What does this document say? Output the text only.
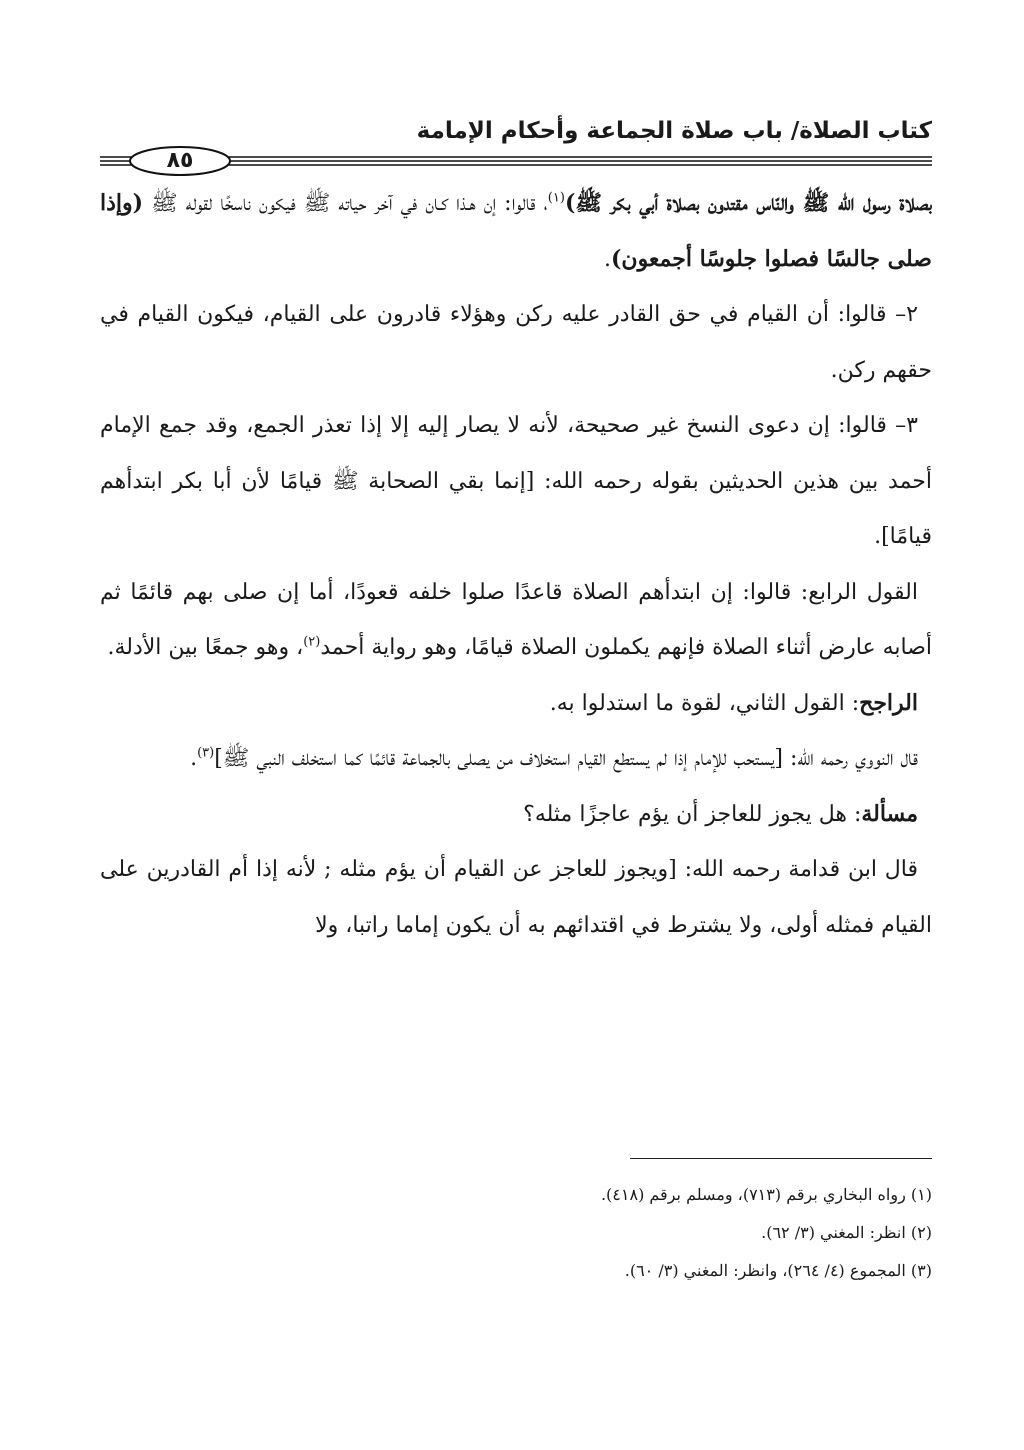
كتاب الصلاة/ باب صلاة الجماعة وأحكام الإمامة
٨٥

بصلاة رسول الله ﷺ والنّاس مقتدون بصلاة أبي بكر ﷺ)$^{(١)}$، قالوا: إن هـذا كـان في آخر حياته ﷺ فيكون ناسخًا لقوله ﷺ (وإذا صلى جالسًا فصلوا جلوسًا أجمعون).

٢– قالوا: أن القيام في حق القادر عليه ركن وهؤلاء قادرون على القيام، فيكون القيام في حقهم ركن.

٣– قالوا: إن دعوى النسخ غير صحيحة، لأنه لا يصار إليه إلا إذا تعذر الجمع، وقد جمع الإمام أحمد بين هذين الحديثين بقوله رحمه الله: [إنما بقي الصحابة ﷺ قيامًا لأن أبا بكر ابتدأهم قيامًا].

القول الرابع: قالوا: إن ابتدأهم الصلاة قاعدًا صلوا خلفه قعودًا، أما إن صلى بهم قائمًا ثم أصابه عارض أثناء الصلاة فإنهم يكملون الصلاة قيامًا، وهو رواية أحمد$^{(٢)}$، وهو جمعًا بين الأدلة.

الراجح: القول الثاني، لقوة ما استدلوا به.

قال النووي رحمه الله: [يستحب للإمام إذا لم يستطع القيام استخلاف من يصلى بالجماعة قائمًا كما استخلف النبي ﷺ]$^{(٣)}$.

مسألة: هل يجوز للعاجز أن يؤم عاجزًا مثله؟

قال ابن قدامة رحمه الله: [ويجوز للعاجز عن القيام أن يؤم مثله ; لأنه إذا أم القادرين على القيام فمثله أولى، ولا يشترط في اقتدائهم به أن يكون إماما راتبا، ولا

(١) رواه البخاري برقم (٧١٣)، ومسلم برقم (٤١٨).

(٢) انظر: المغني (٣/ ٦٢).

(٣) المجموع (٤/ ٢٦٤)، وانظر: المغني (٣/ ٦٠).
